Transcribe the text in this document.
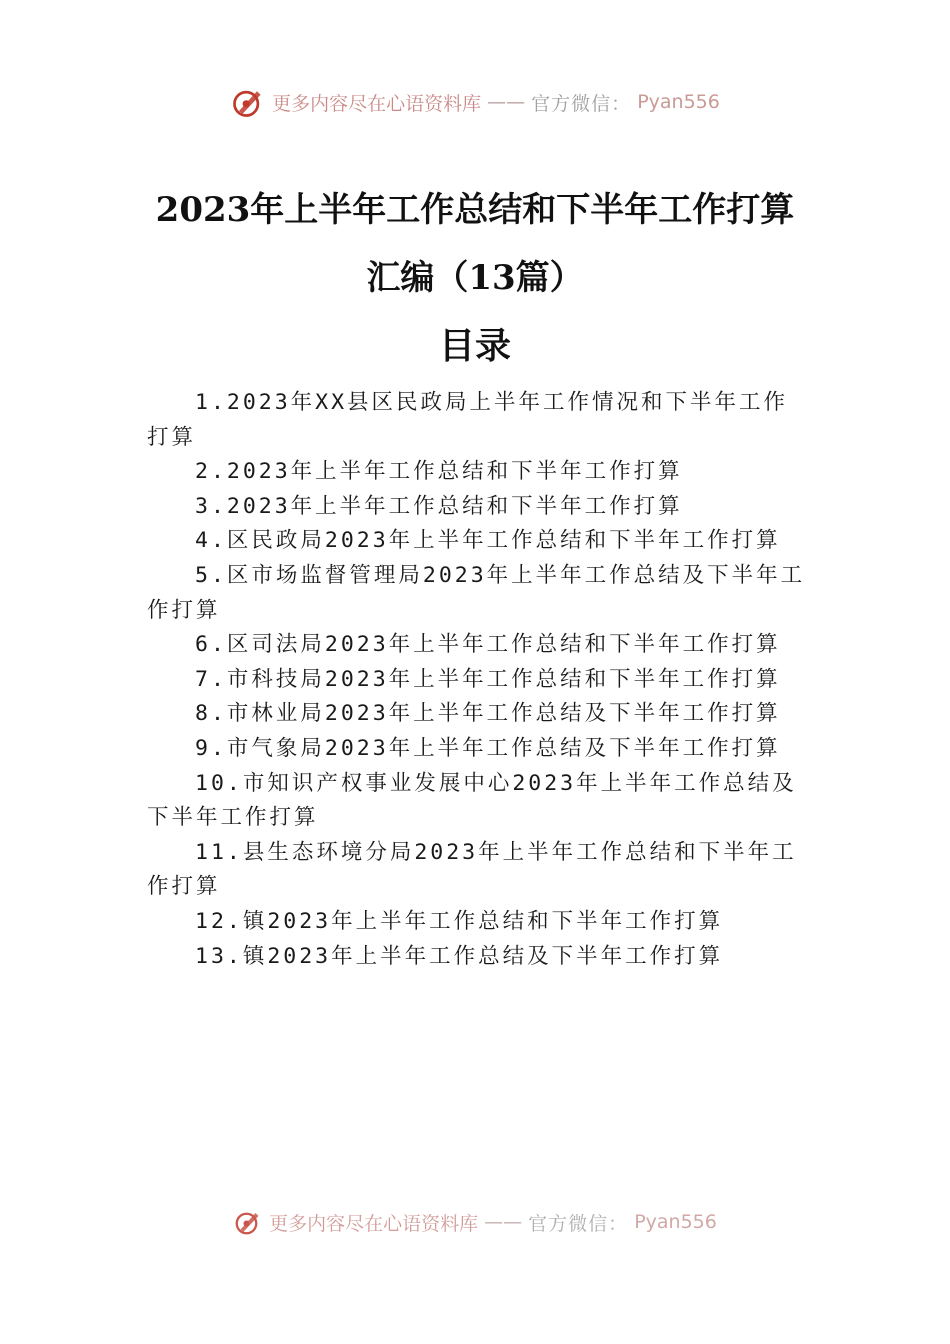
更多内容尽在心语资料库 —— 官方微信： Pyan556
2023年上半年工作总结和下半年工作打算
汇编（13篇）
目录

1.2023年XX县区民政局上半年工作情况和下半年工作打算

2.2023年上半年工作总结和下半年工作打算

3.2023年上半年工作总结和下半年工作打算

4.区民政局2023年上半年工作总结和下半年工作打算

5.区市场监督管理局2023年上半年工作总结及下半年工作打算

6.区司法局2023年上半年工作总结和下半年工作打算

7.市科技局2023年上半年工作总结和下半年工作打算

8.市林业局2023年上半年工作总结及下半年工作打算

9.市气象局2023年上半年工作总结及下半年工作打算

10.市知识产权事业发展中心2023年上半年工作总结及下半年工作打算

11.县生态环境分局2023年上半年工作总结和下半年工作打算

12.镇2023年上半年工作总结和下半年工作打算

13.镇2023年上半年工作总结及下半年工作打算

更多内容尽在心语资料库 —— 官方微信： Pyan556
